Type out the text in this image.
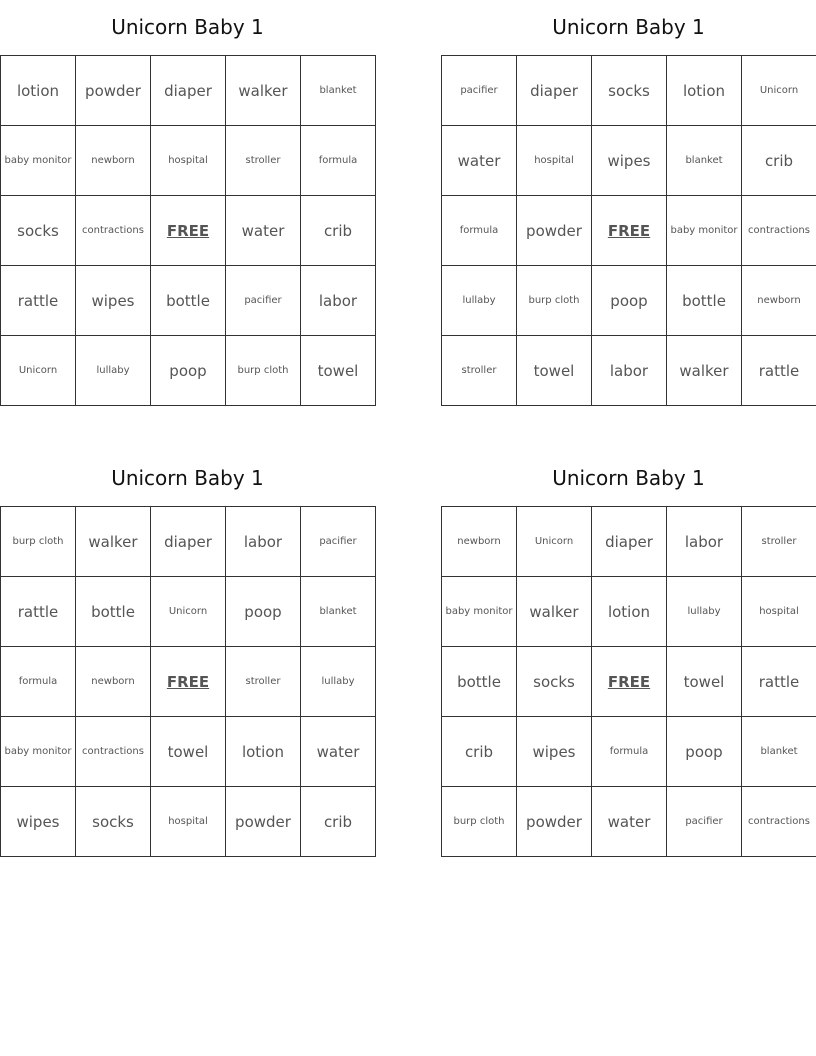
Unicorn Baby 1
lotion	powder	diaper	walker	blanket
baby monitor	newborn	hospital	stroller	formula
socks	contractions	FREE	water	crib
rattle	wipes	bottle	pacifier	labor
Unicorn	lullaby	poop	burp cloth	towel
Unicorn Baby 1
pacifier	diaper	socks	lotion	Unicorn
water	hospital	wipes	blanket	crib
formula	powder	FREE	baby monitor	contractions
lullaby	burp cloth	poop	bottle	newborn
stroller	towel	labor	walker	rattle
Unicorn Baby 1
burp cloth	walker	diaper	labor	pacifier
rattle	bottle	Unicorn	poop	blanket
formula	newborn	FREE	stroller	lullaby
baby monitor	contractions	towel	lotion	water
wipes	socks	hospital	powder	crib
Unicorn Baby 1
newborn	Unicorn	diaper	labor	stroller
baby monitor	walker	lotion	lullaby	hospital
bottle	socks	FREE	towel	rattle
crib	wipes	formula	poop	blanket
burp cloth	powder	water	pacifier	contractions
